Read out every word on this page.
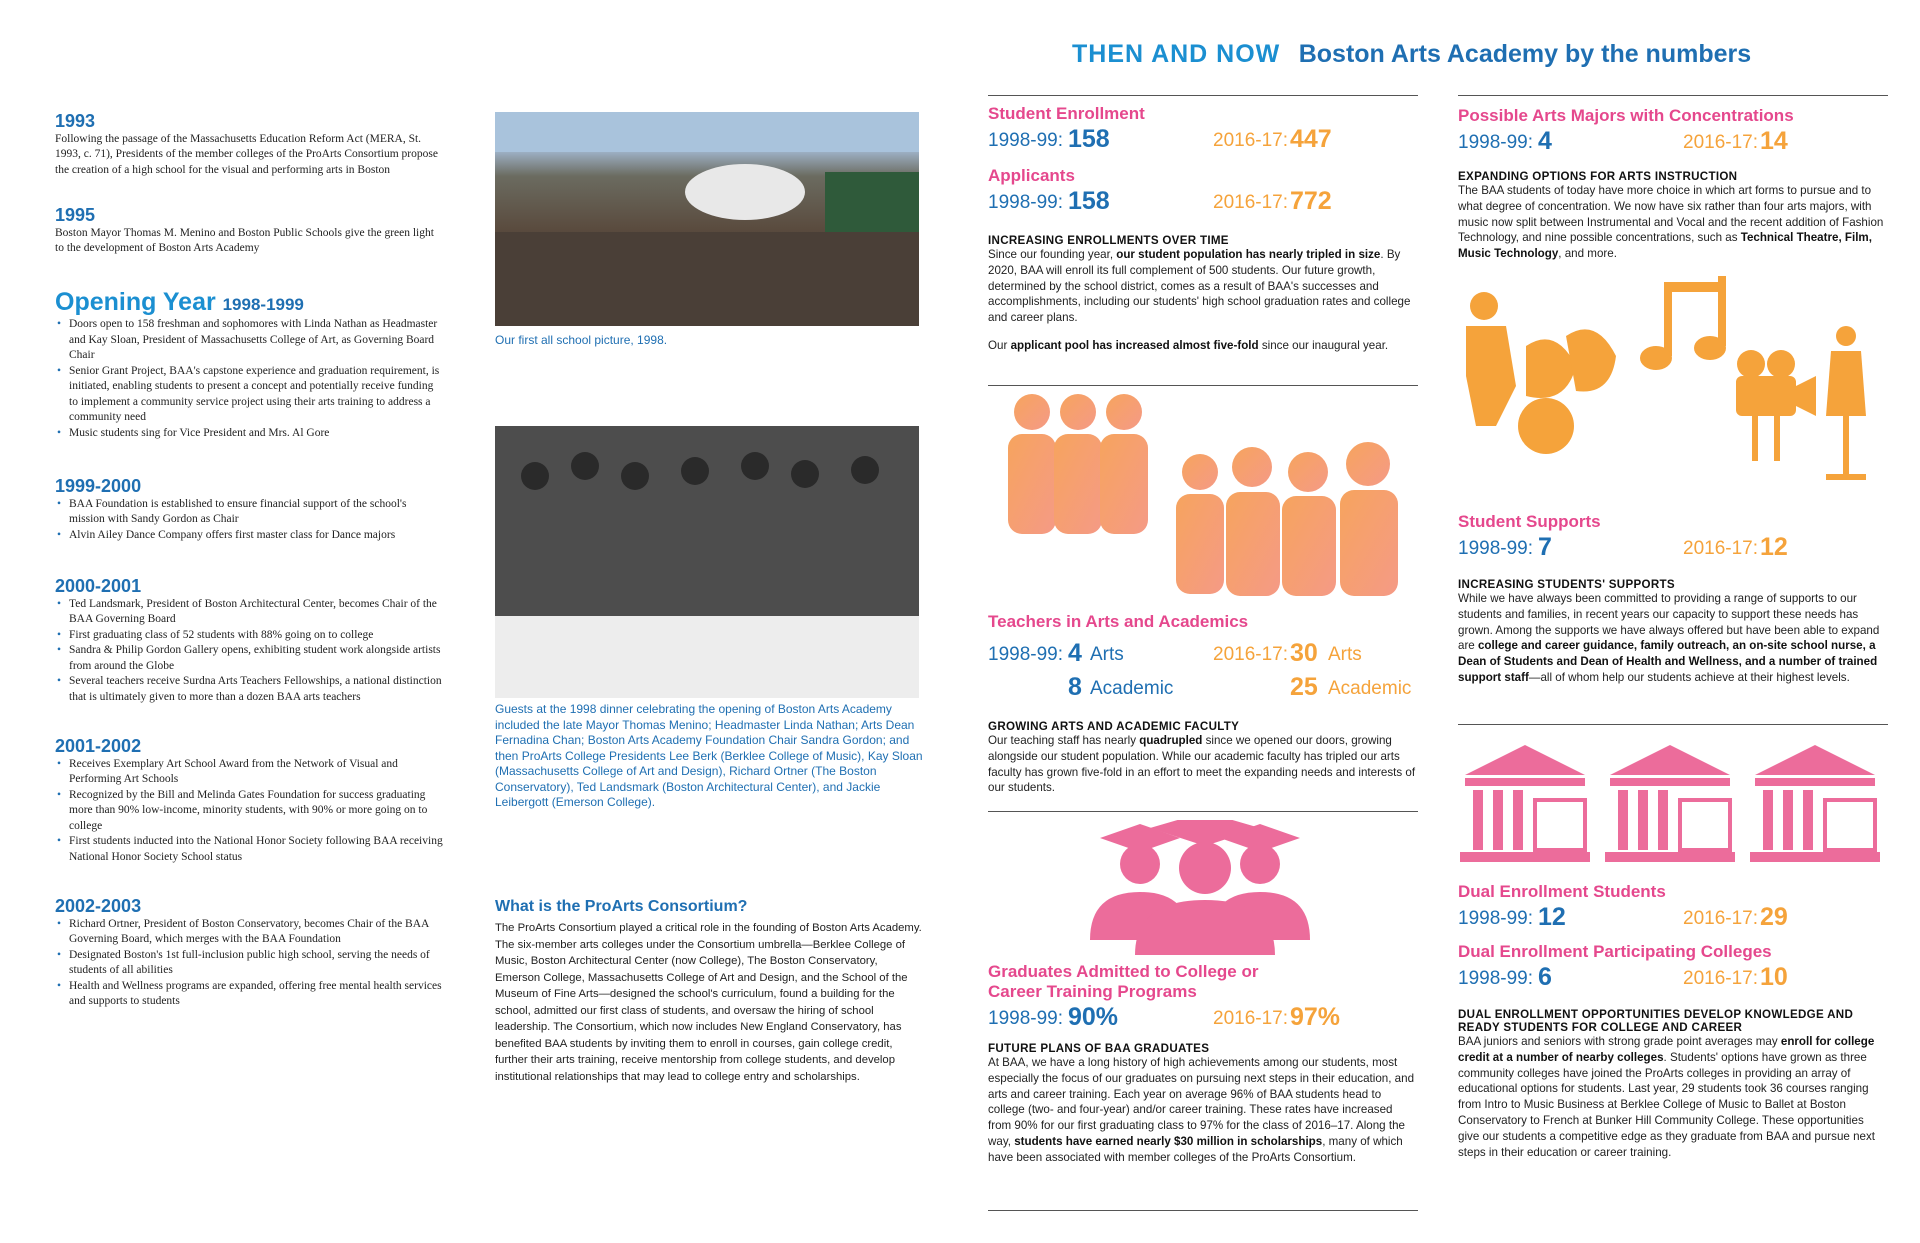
THEN AND NOW Boston Arts Academy by the numbers
1993

Following the passage of the Massachusetts Education Reform Act (MERA, St. 1993, c. 71), Presidents of the member colleges of the ProArts Consortium propose the creation of a high school for the visual and performing arts in Boston

1995

Boston Mayor Thomas M. Menino and Boston Public Schools give the green light to the development of Boston Arts Academy

Opening Year 1998-1999
• Doors open to 158 freshman and sophomores with Linda Nathan as Headmaster and Kay Sloan, President of Massachusetts College of Art, as Governing Board Chair
• Senior Grant Project, BAA's capstone experience and graduation requirement, is initiated, enabling students to present a concept and potentially receive funding to implement a community service project using their arts training to address a community need
• Music students sing for Vice President and Mrs. Al Gore
1999-2000
• BAA Foundation is established to ensure financial support of the school's mission with Sandy Gordon as Chair
• Alvin Ailey Dance Company offers first master class for Dance majors
2000-2001
• Ted Landsmark, President of Boston Architectural Center, becomes Chair of the BAA Governing Board
• First graduating class of 52 students with 88% going on to college
• Sandra & Philip Gordon Gallery opens, exhibiting student work alongside artists from around the Globe
• Several teachers receive Surdna Arts Teachers Fellowships, a national distinction that is ultimately given to more than a dozen BAA arts teachers
2001-2002
• Receives Exemplary Art School Award from the Network of Visual and Performing Art Schools
• Recognized by the Bill and Melinda Gates Foundation for success graduating more than 90% low-income, minority students, with 90% or more going on to college
• First students inducted into the National Honor Society following BAA receiving National Honor Society School status
2002-2003
• Richard Ortner, President of Boston Conservatory, becomes Chair of the BAA Governing Board, which merges with the BAA Foundation
• Designated Boston's 1st full-inclusion public high school, serving the needs of students of all abilities
• Health and Wellness programs are expanded, offering free mental health services and supports to students
Our first all school picture, 1998.
Guests at the 1998 dinner celebrating the opening of Boston Arts Academy included the late Mayor Thomas Menino; Headmaster Linda Nathan; Arts Dean Fernadina Chan; Boston Arts Academy Foundation Chair Sandra Gordon; and then ProArts College Presidents Lee Berk (Berklee College of Music), Kay Sloan (Massachusetts College of Art and Design), Richard Ortner (The Boston Conservatory), Ted Landsmark (Boston Architectural Center), and Jackie Leibergott (Emerson College).
What is the ProArts Consortium?
The ProArts Consortium played a critical role in the founding of Boston Arts Academy. The six-member arts colleges under the Consortium umbrella—Berklee College of Music, Boston Architectural Center (now College), The Boston Conservatory, Emerson College, Massachusetts College of Art and Design, and the School of the Museum of Fine Arts—designed the school's curriculum, found a building for the school, admitted our first class of students, and oversaw the hiring of school leadership. The Consortium, which now includes New England Conservatory, has benefited BAA students by inviting them to enroll in courses, gain college credit, further their arts training, receive mentorship from college students, and develop institutional relationships that may lead to college entry and scholarships.
Student Enrollment
1998-99: 158	2016-17: 447
Applicants
1998-99: 158	2016-17: 772
INCREASING ENROLLMENTS OVER TIME
Since our founding year, our student population has nearly tripled in size. By 2020, BAA will enroll its full complement of 500 students. Our future growth, determined by the school district, comes as a result of BAA's successes and accomplishments, including our students' high school graduation rates and college and career plans.
Our applicant pool has increased almost five-fold since our inaugural year.
Teachers in Arts and Academics
1998-99: 4 Arts	2016-17: 30 Arts
8 Academic	25 Academic
GROWING ARTS AND ACADEMIC FACULTY
Our teaching staff has nearly quadrupled since we opened our doors, growing alongside our student population. While our academic faculty has tripled our arts faculty has grown five-fold in an effort to meet the expanding needs and interests of our students.
Graduates Admitted to College or
Career Training Programs
1998-99: 90%	2016-17: 97%
FUTURE PLANS OF BAA GRADUATES
At BAA, we have a long history of high achievements among our students, most especially the focus of our graduates on pursuing next steps in their education, and arts and career training. Each year on average 96% of BAA students head to college (two- and four-year) and/or career training. These rates have increased from 90% for our first graduating class to 97% for the class of 2016–17. Along the way, students have earned nearly $30 million in scholarships, many of which have been associated with member colleges of the ProArts Consortium.
Possible Arts Majors with Concentrations
1998-99: 4	2016-17: 14
EXPANDING OPTIONS FOR ARTS INSTRUCTION
The BAA students of today have more choice in which art forms to pursue and to what degree of concentration. We now have six rather than four arts majors, with music now split between Instrumental and Vocal and the recent addition of Fashion Technology, and nine possible concentrations, such as Technical Theatre, Film, Music Technology, and more.
Student Supports
1998-99: 7	2016-17: 12
INCREASING STUDENTS' SUPPORTS
While we have always been committed to providing a range of supports to our students and families, in recent years our capacity to support these needs has grown. Among the supports we have always offered but have been able to expand are college and career guidance, family outreach, an on-site school nurse, a Dean of Students and Dean of Health and Wellness, and a number of trained support staff—all of whom help our students achieve at their highest levels.
Dual Enrollment Students
1998-99: 12	2016-17: 29
Dual Enrollment Participating Colleges
1998-99: 6	2016-17: 10
DUAL ENROLLMENT OPPORTUNITIES DEVELOP KNOWLEDGE AND READY STUDENTS FOR COLLEGE AND CAREER
BAA juniors and seniors with strong grade point averages may enroll for college credit at a number of nearby colleges. Students' options have grown as three community colleges have joined the ProArts colleges in providing an array of educational options for students. Last year, 29 students took 36 courses ranging from Intro to Music Business at Berklee College of Music to Ballet at Boston Conservatory to French at Bunker Hill Community College. These opportunities give our students a competitive edge as they graduate from BAA and pursue next steps in their education or career training.
